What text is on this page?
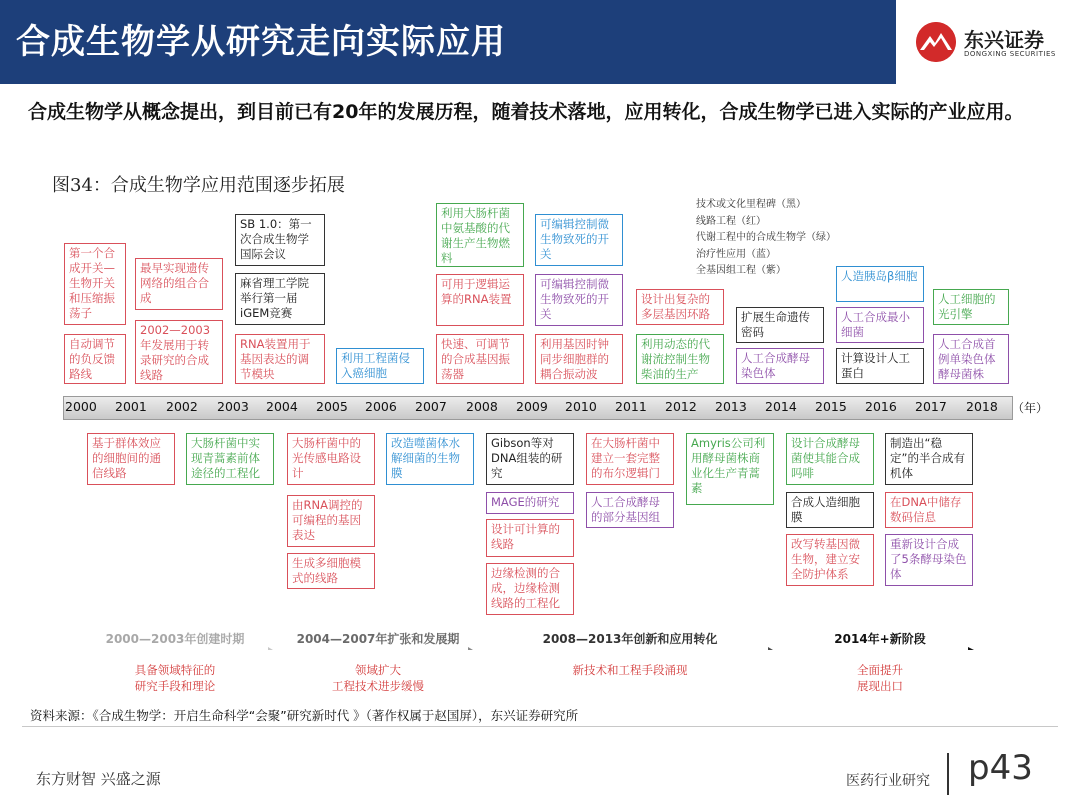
合成生物学从研究走向实际应用	东兴证券
DONGXING SECURITIES
合成生物学从概念提出，到目前已有20年的发展历程，随着技术落地，应用转化，合成生物学已进入实际的产业应用。
图34：合成生物学应用范围逐步拓展
技术或文化里程碑（黑）
线路工程（红）
代谢工程中的合成生物学（绿）
治疗性应用（蓝）
全基因组工程（紫）
第一个合成开关—生物开关和压缩振荡子
自动调节的负反馈路线
最早实现遗传网络的组合合成
2002—2003年发展用于转录研究的合成线路
SB 1.0：第一次合成生物学国际会议
麻省理工学院举行第一届iGEM竞赛
RNA装置用于基因表达的调节模块
利用工程菌侵入癌细胞
利用大肠杆菌中氨基酸的代谢生产生物燃料
可用于逻辑运算的RNA装置
快速、可调节的合成基因振荡器
可编辑控制微生物致死的开关
可编辑控制微生物致死的开关
利用基因时钟同步细胞群的耦合振动波
设计出复杂的多层基因环路
利用动态的代谢流控制生物柴油的生产
扩展生命遗传密码
人工合成酵母染色体
人造胰岛β细胞
人工合成最小细菌
计算设计人工蛋白
人工细胞的光引擎
人工合成首例单染色体酵母菌株
2000 2001 2002 2003 2004 2005 2006 2007 2008 2009 2010 2011 2012 2013 2014 2015 2016 2017 2018 （年）
基于群体效应的细胞间的通信线路
大肠杆菌中实现青蒿素前体途径的工程化
大肠杆菌中的光传感电路设计
由RNA调控的可编程的基因表达
生成多细胞模式的线路
改造噬菌体水解细菌的生物膜
Gibson等对DNA组装的研究
MAGE的研究
设计可计算的线路
边缘检测的合成，边缘检测线路的工程化
在大肠杆菌中建立一套完整的布尔逻辑门
人工合成酵母的部分基因组
Amyris公司利用酵母菌株商业化生产青蒿素
设计合成酵母菌使其能合成吗啡
合成人造细胞膜
改写转基因微生物，建立安全防护体系
制造出“稳定”的半合成有机体
在DNA中储存数码信息
重新设计合成了5条酵母染色体
2000—2003年创建时期	2004—2007年扩张和发展期	2008—2013年创新和应用转化	2014年+新阶段
具备领域特征的
研究手段和理论
领域扩大
工程技术进步缓慢
新技术和工程手段涌现	全面提升
展现出口
资料来源：《合成生物学：开启生命科学“会聚”研究新时代 》（著作权属于赵国屏），东兴证券研究所
东方财智 兴盛之源	医药行业研究 p43
